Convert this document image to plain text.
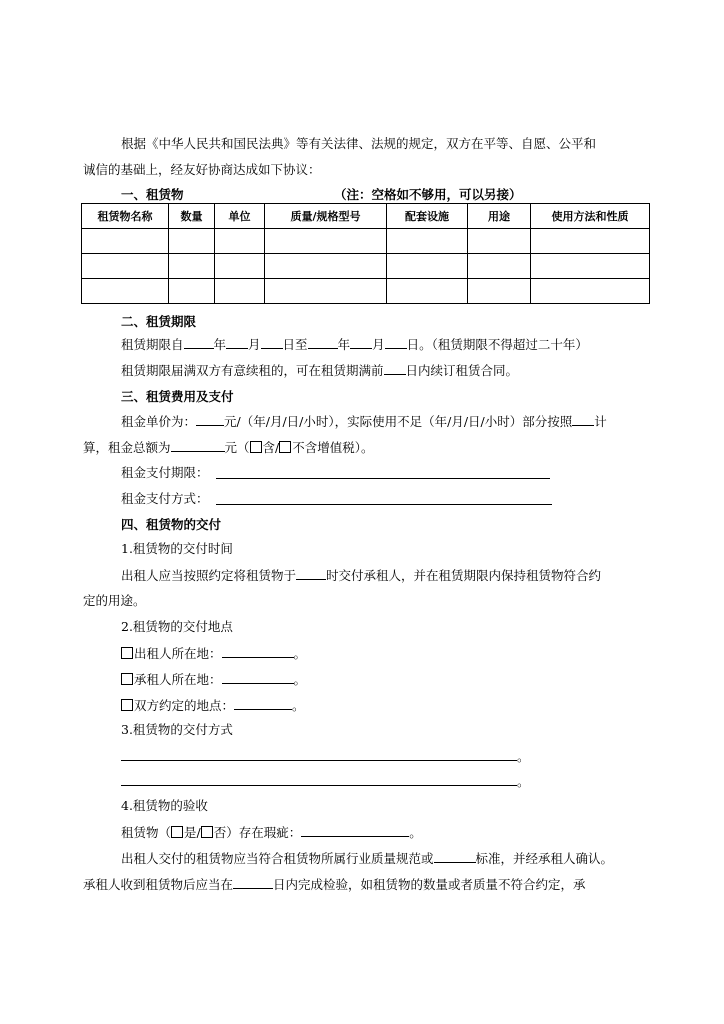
根据《中华人民共和国民法典》等有关法律、法规的规定，双方在平等、自愿、公平和
诚信的基础上，经友好协商达成如下协议：
一、租赁物	（注：空格如不够用，可以另接）
租赁物名称	数量	单位	质量/规格型号	配套设施	用途	使用方法和性质

二、租赁期限
租赁期限自 年 月 日至 年 月 日。（租赁期限不得超过二十年）
租赁期限届满双方有意续租的，可在租赁期满前 日内续订租赁合同。
三、租赁费用及支付
租金单价为： 元/（年/月/日/小时），实际使用不足（年/月/日/小时）部分按照 计
算，租金总额为	元（ 含/ 不含增值税）。
租金支付期限：
租金支付方式：
四、租赁物的交付
1.租赁物的交付时间
出租人应当按照约定将租赁物于 时交付承租人，并在租赁期限内保持租赁物符合约
定的用途。
2.租赁物的交付地点
出租人所在地：	。
承租人所在地：	。
双方约定的地点：	。
3.租赁物的交付方式
。
。
4.租赁物的验收
租赁物（ 是/ 否）存在瑕疵：	。
出租人交付的租赁物应当符合租赁物所属行业质量规范或	标准，并经承租人确认。
承租人收到租赁物后应当在	日内完成检验，如租赁物的数量或者质量不符合约定，承
